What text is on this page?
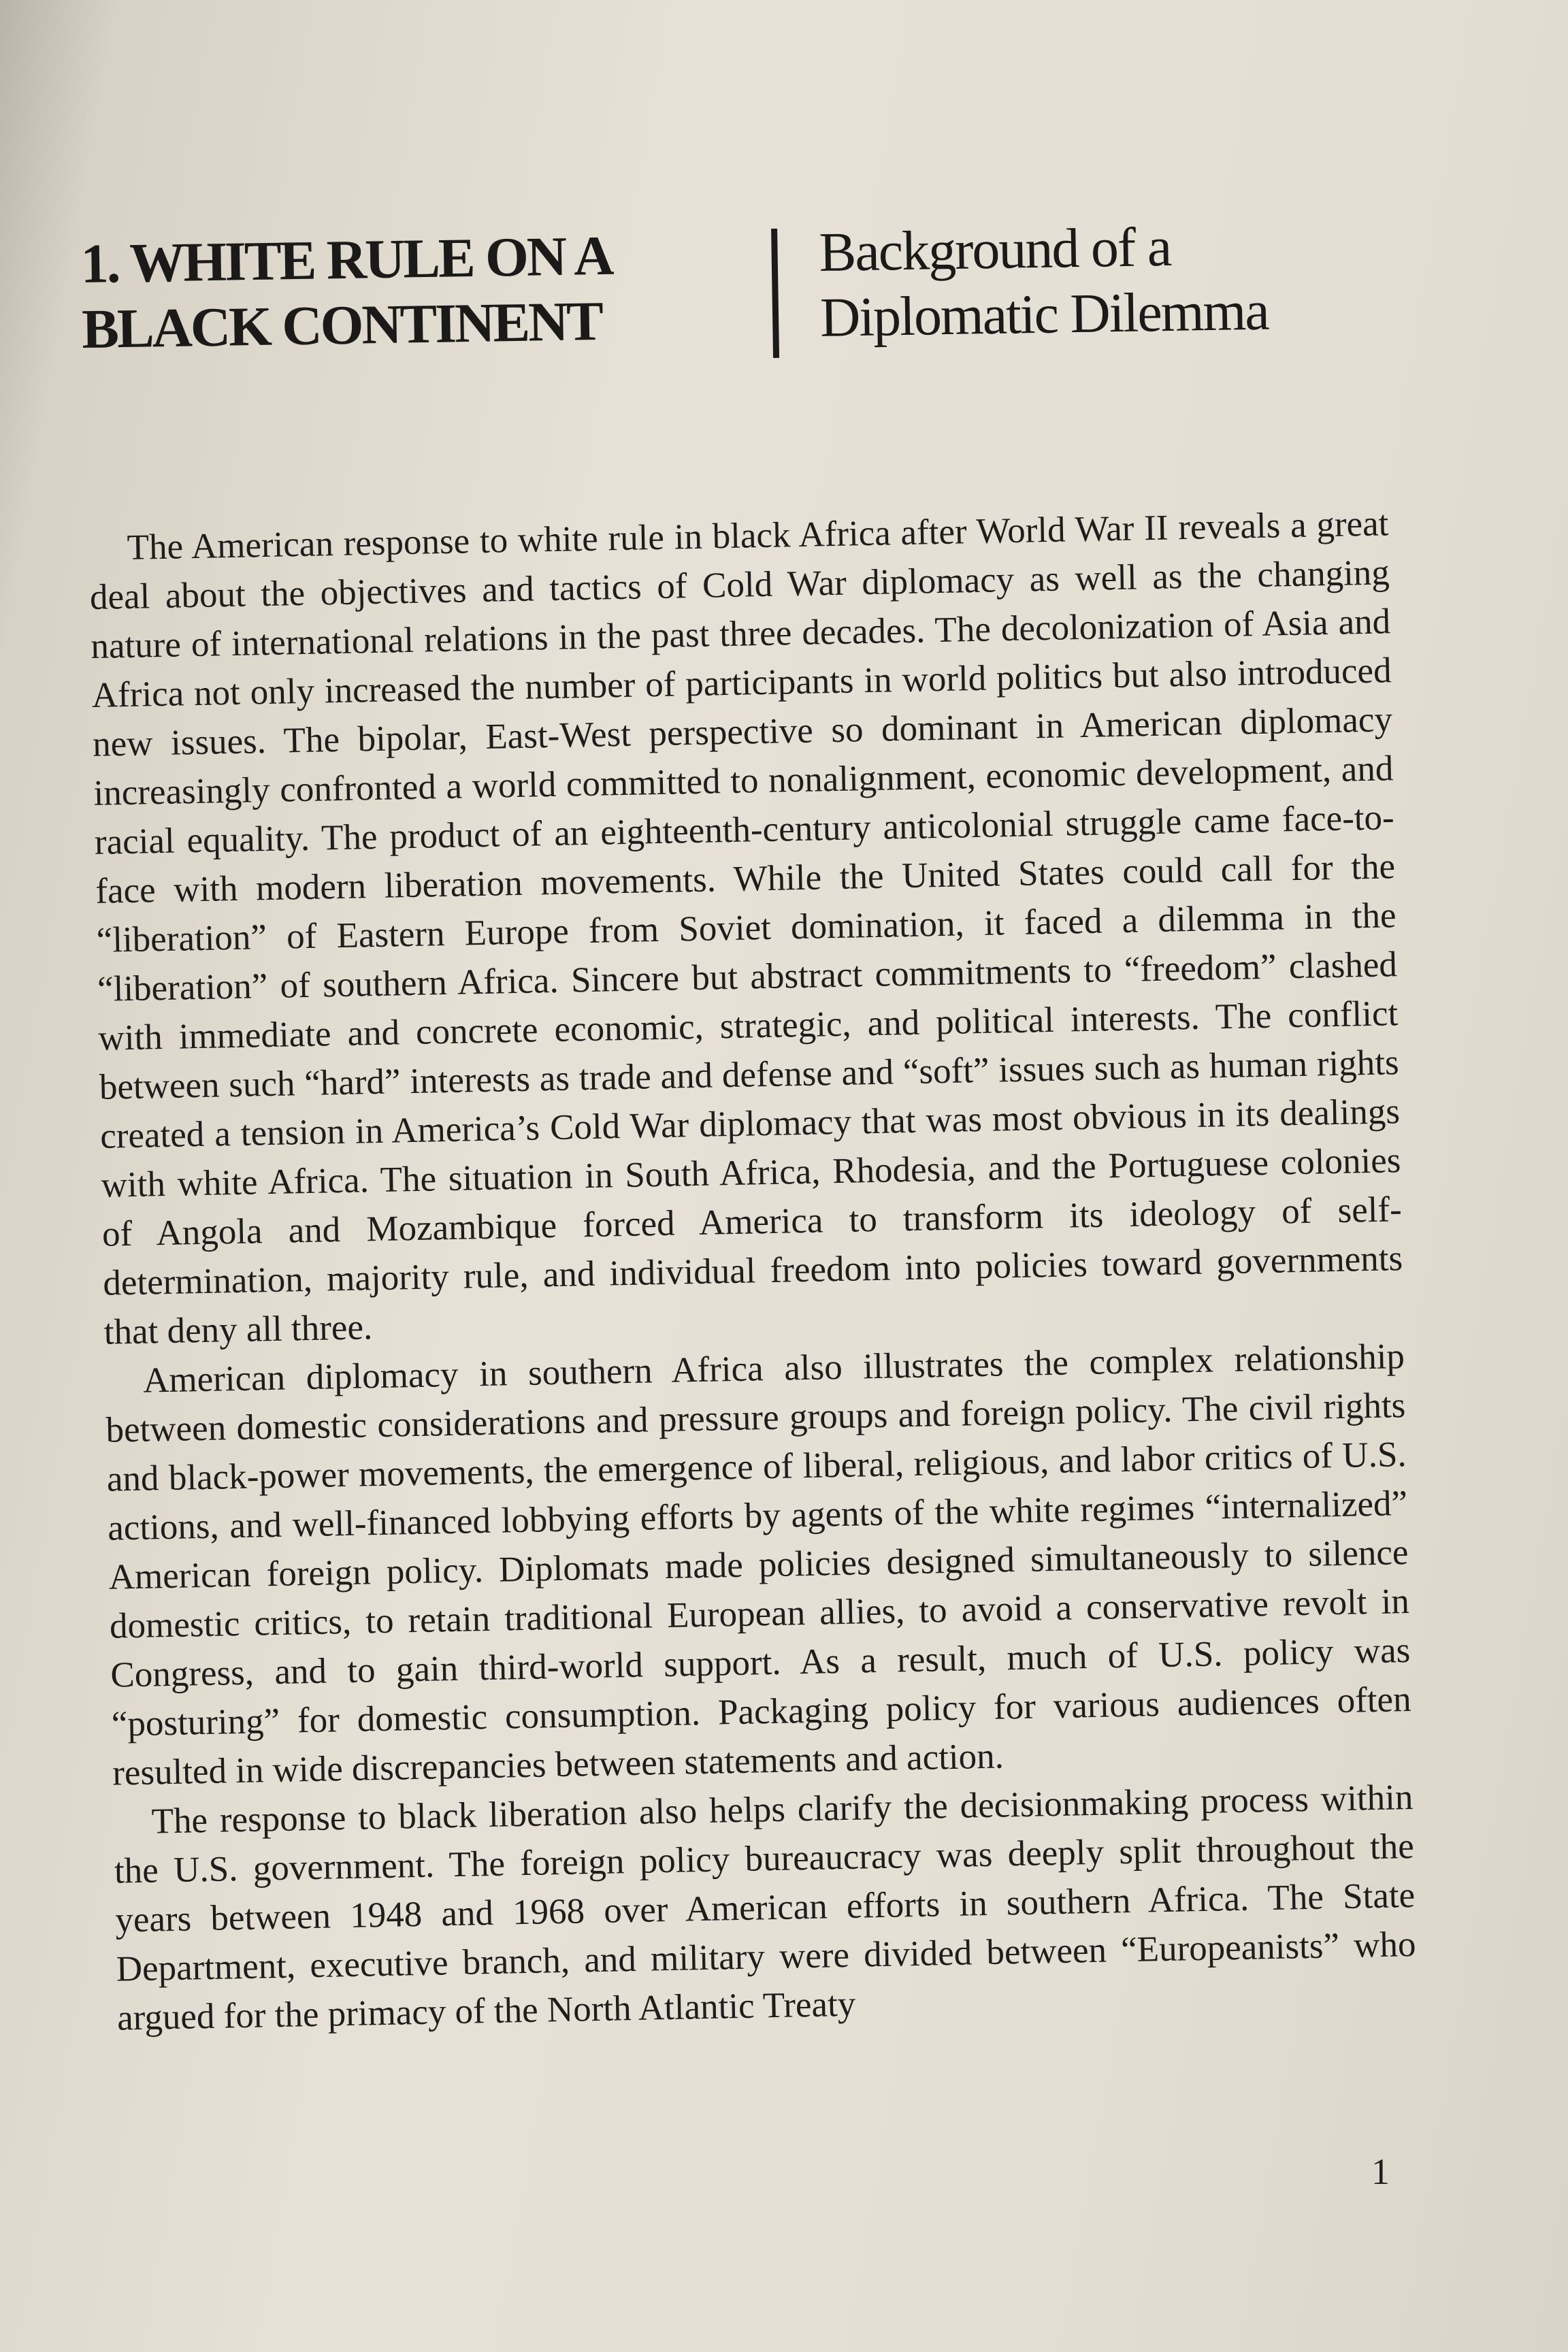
1. WHITE RULE ON A
BLACK CONTINENT
Background of a
Diplomatic Dilemma

The American response to white rule in black Africa after World War II reveals a great deal about the objectives and tactics of Cold War diplomacy as well as the changing nature of international relations in the past three decades. The decolonization of Asia and Africa not only increased the number of participants in world politics but also introduced new issues. The bipolar, East-West perspective so dominant in American diplomacy increasingly confronted a world committed to nonalignment, economic development, and racial equality. The product of an eighteenth-century anticolonial struggle came face-to-face with modern liberation movements. While the United States could call for the “liberation” of Eastern Europe from Soviet domination, it faced a dilemma in the “liberation” of southern Africa. Sincere but abstract commitments to “freedom” clashed with immediate and concrete economic, strategic, and political interests. The conflict between such “hard” interests as trade and defense and “soft” issues such as human rights created a tension in America’s Cold War diplomacy that was most obvious in its dealings with white Africa. The situation in South Africa, Rhodesia, and the Portuguese colonies of Angola and Mozambique forced America to transform its ideology of self-determination, majority rule, and individual freedom into policies toward governments that deny all three.

American diplomacy in southern Africa also illustrates the complex relationship between domestic considerations and pressure groups and foreign policy. The civil rights and black-power movements, the emergence of liberal, religious, and labor critics of U.S. actions, and well-financed lobbying efforts by agents of the white regimes “internalized” American foreign policy. Diplomats made policies designed simultaneously to silence domestic critics, to retain traditional European allies, to avoid a conservative revolt in Congress, and to gain third-world support. As a result, much of U.S. policy was “posturing” for domestic consumption. Packaging policy for various audiences often resulted in wide discrepancies between statements and action.

The response to black liberation also helps clarify the decisionmaking process within the U.S. government. The foreign policy bureaucracy was deeply split throughout the years between 1948 and 1968 over American efforts in southern Africa. The State Department, executive branch, and military were divided between “Europeanists” who argued for the primacy of the North Atlantic Treaty

1
